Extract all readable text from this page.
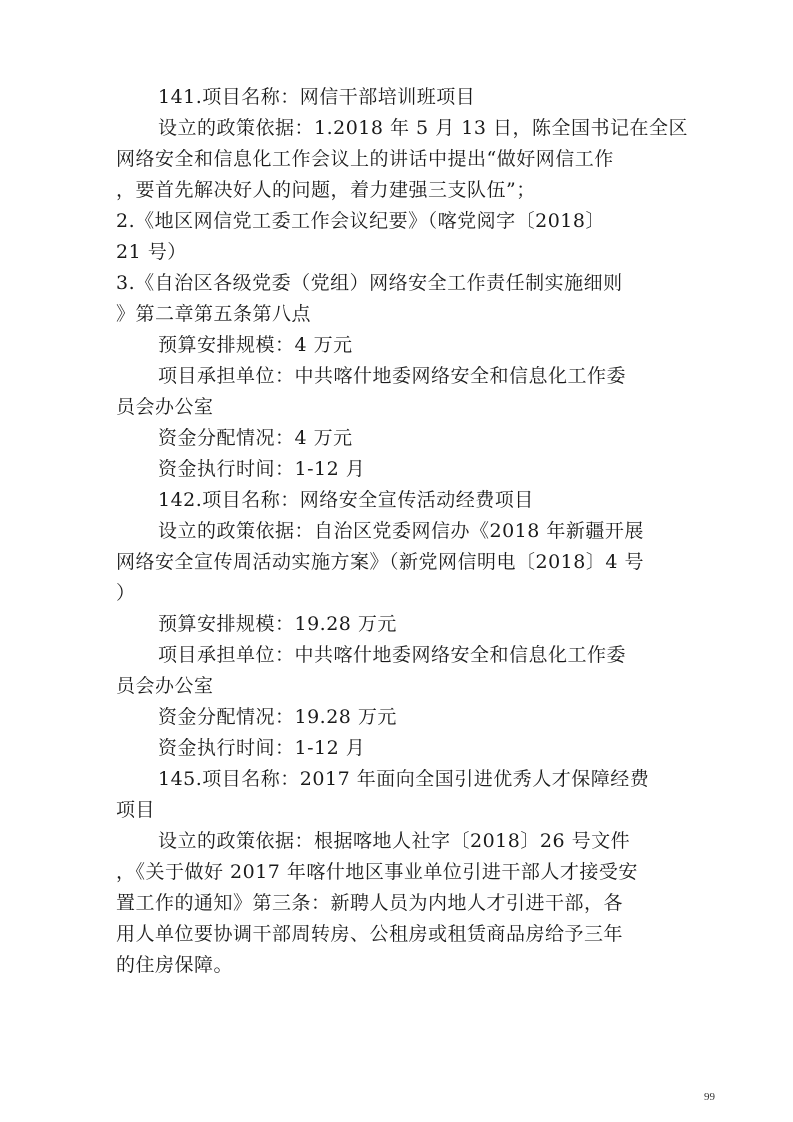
141.项目名称：网信干部培训班项目
设立的政策依据：1.2018 年 5 月 13 日，陈全国书记在全区
网络安全和信息化工作会议上的讲话中提出“做好网信工作
，要首先解决好人的问题，着力建强三支队伍”；
2.《地区网信党工委工作会议纪要》（喀党阅字〔2018〕
21 号）
3.《自治区各级党委（党组）网络安全工作责任制实施细则
》第二章第五条第八点
预算安排规模：4 万元
项目承担单位：中共喀什地委网络安全和信息化工作委
员会办公室
资金分配情况：4 万元
资金执行时间：1-12 月
142.项目名称：网络安全宣传活动经费项目
设立的政策依据：自治区党委网信办《2018 年新疆开展
网络安全宣传周活动实施方案》（新党网信明电〔2018〕4 号
）
预算安排规模：19.28 万元
项目承担单位：中共喀什地委网络安全和信息化工作委
员会办公室
资金分配情况：19.28 万元
资金执行时间：1-12 月
145.项目名称：2017 年面向全国引进优秀人才保障经费
项目
设立的政策依据：根据喀地人社字〔2018〕26 号文件
，《关于做好 2017 年喀什地区事业单位引进干部人才接受安
置工作的通知》第三条：新聘人员为内地人才引进干部，各
用人单位要协调干部周转房、公租房或租赁商品房给予三年
的住房保障。
99
